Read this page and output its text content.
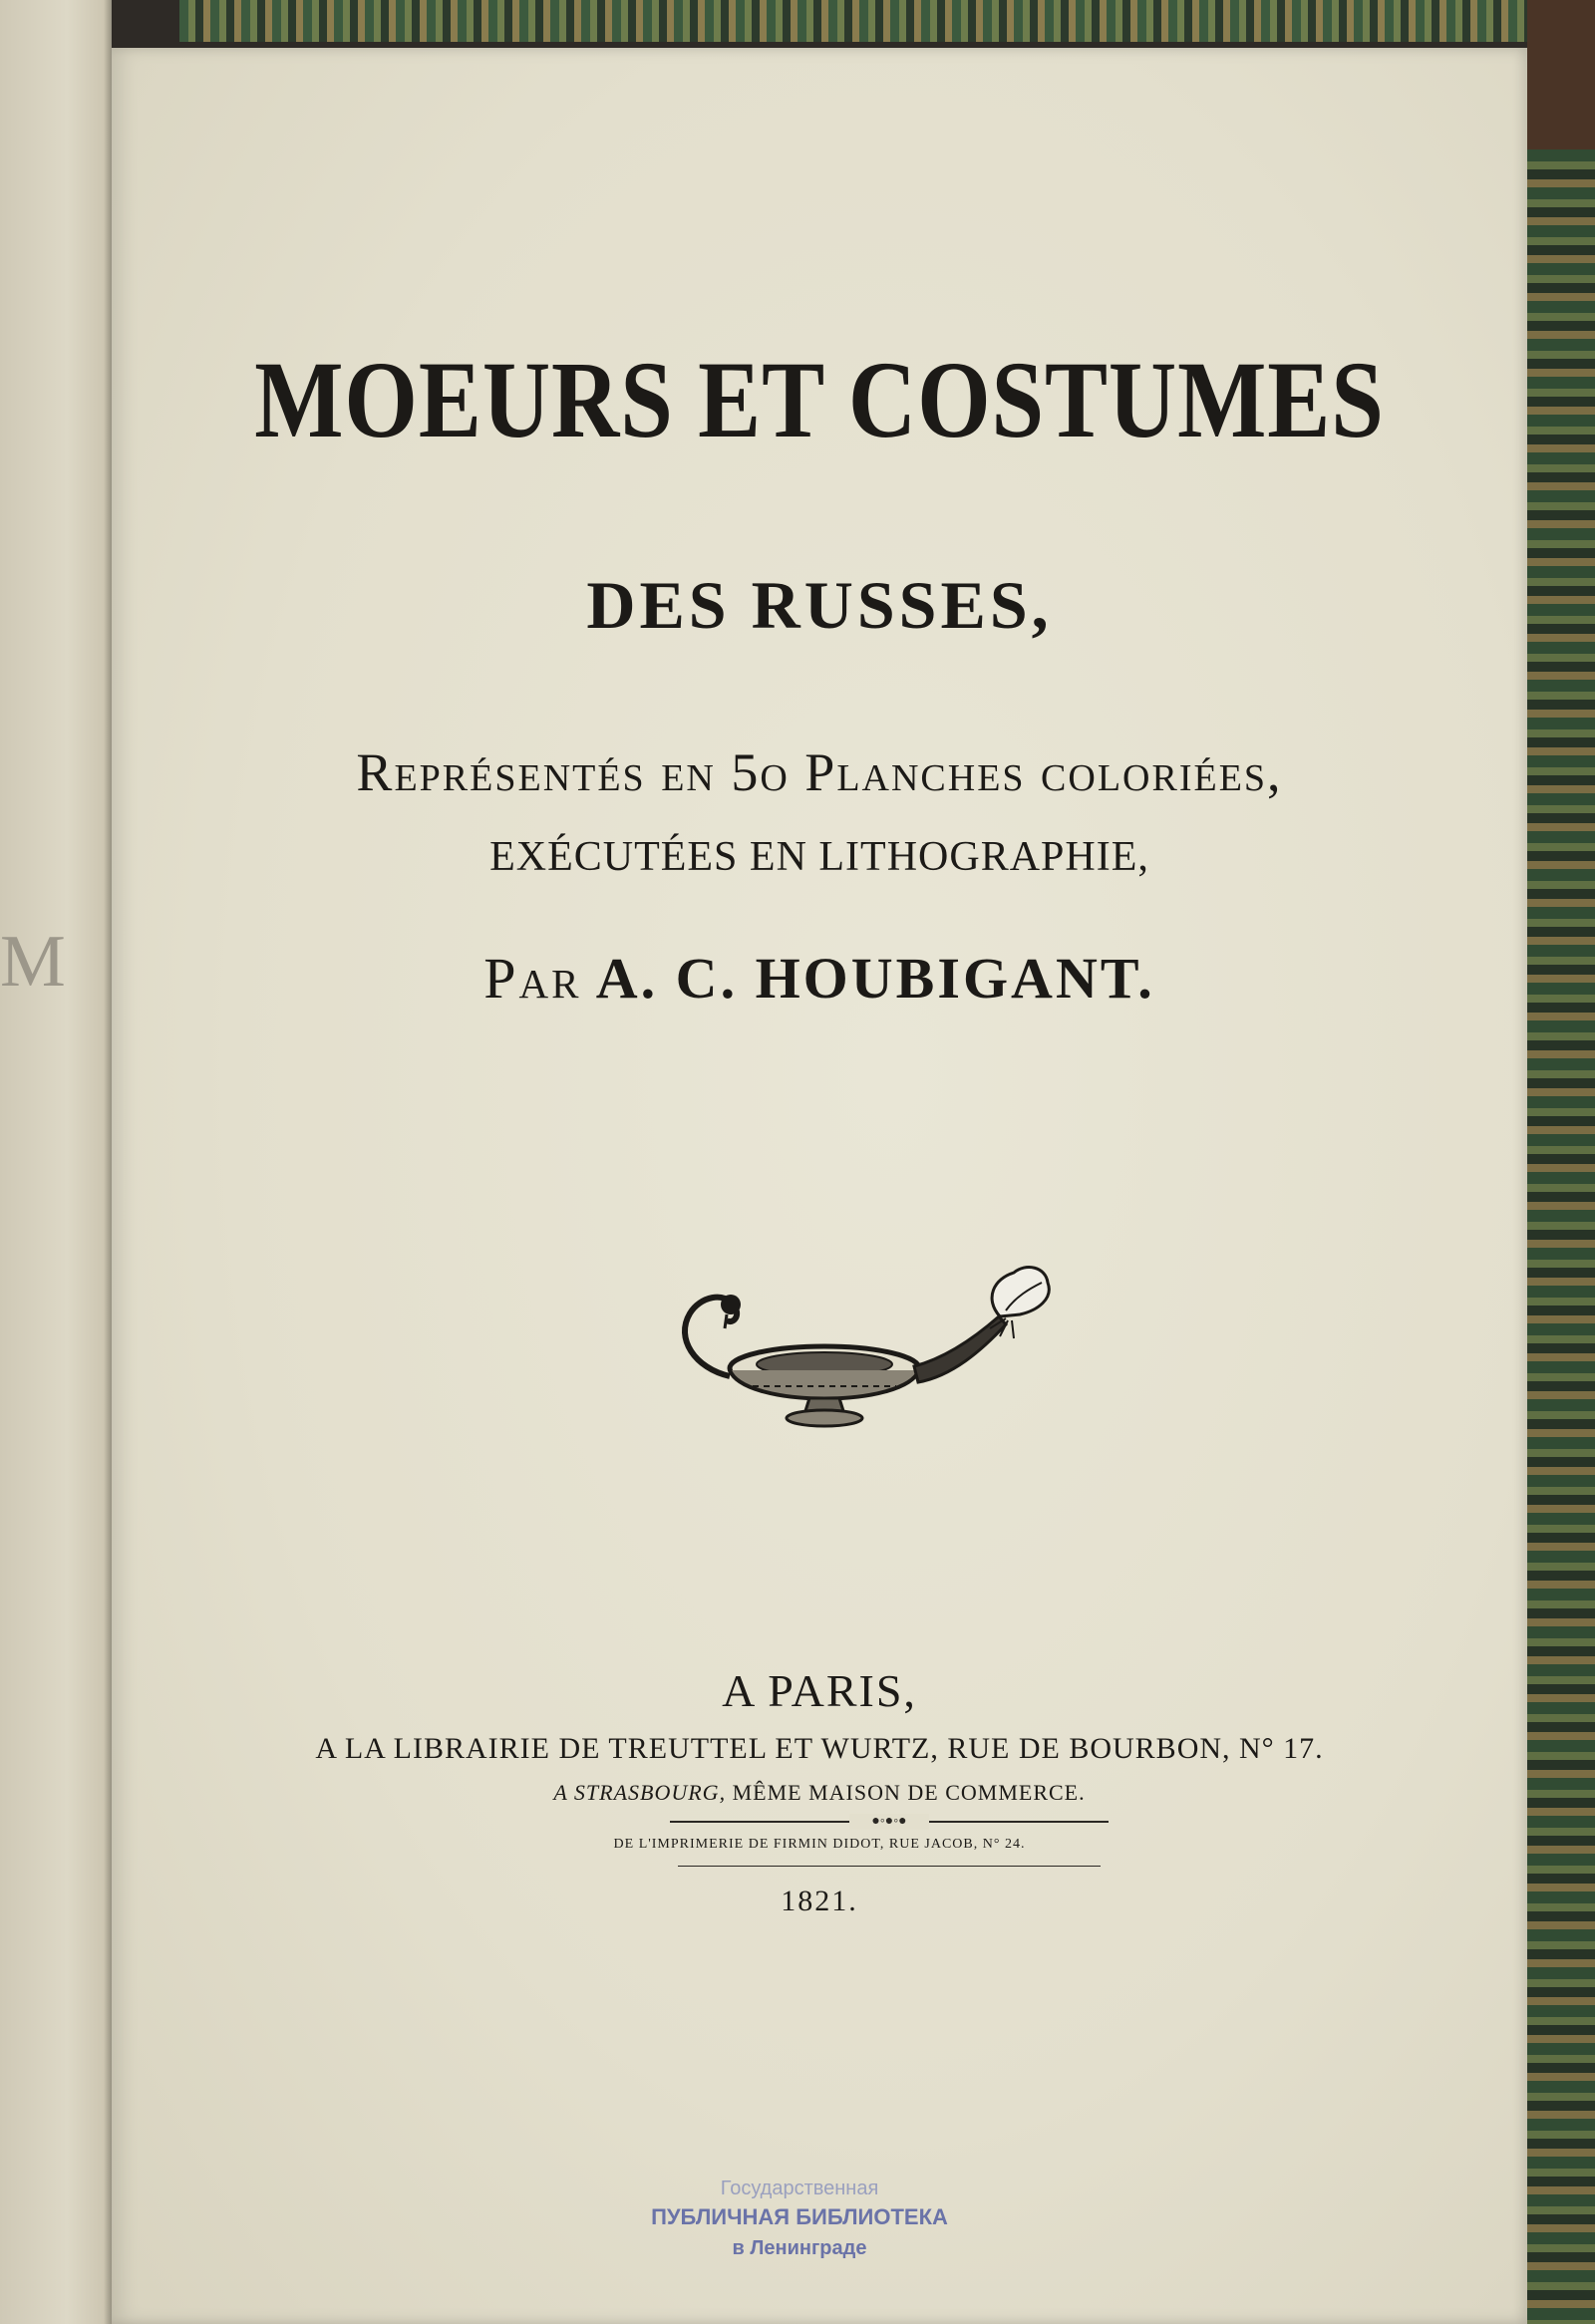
M
MOEURS ET COSTUMES
DES RUSSES,
Représentés en 5o Planches coloriées,
EXÉCUTÉES EN LITHOGRAPHIE,
Par A. C. HOUBIGANT.
A PARIS,
A LA LIBRAIRIE DE TREUTTEL ET WURTZ, RUE DE BOURBON, N° 17.
A STRASBOURG, MÊME MAISON DE COMMERCE.
●◦●◦●
DE L'IMPRIMERIE DE FIRMIN DIDOT, RUE JACOB, N° 24.
1821.
Государственная
ПУБЛИЧНАЯ БИБЛИОТЕКА
в Ленинграде
